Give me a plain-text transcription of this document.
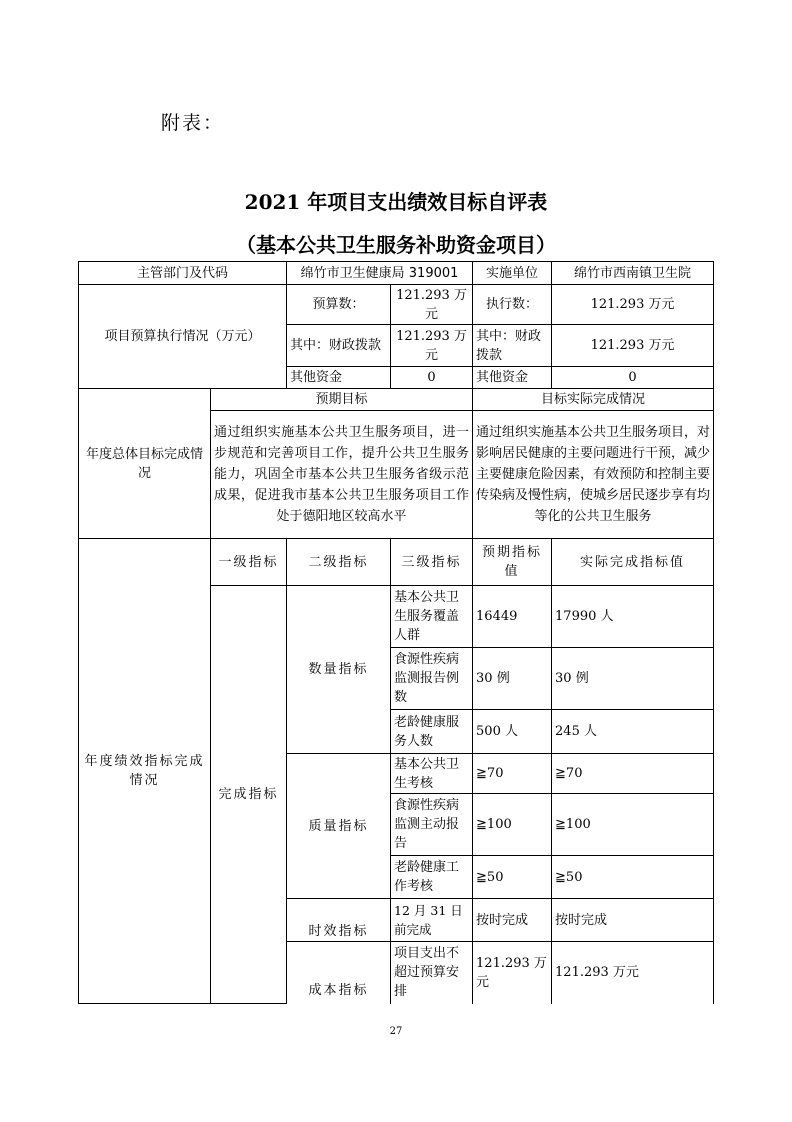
附表：
2021 年项目支出绩效目标自评表
（基本公共卫生服务补助资金项目）
主管部门及代码		绵竹市卫生健康局 319001		实施单位	绵竹市西南镇卫生院
项目预算执行情况（万元）		预算数：	121.293 万元	执行数：	121.293 万元
		其中：财政拨款	121.293 万元	其中：财政拨款	121.293 万元
		其他资金	0	其他资金	0
年度总体目标完成情况	预期目标			目标实际完成情况	
	通过组织实施基本公共卫生服务项目，进一步规范和完善项目工作，提升公共卫生服务能力，巩固全市基本公共卫生服务省级示范成果，促进我市基本公共卫生服务项目工作处于德阳地区较高水平			通过组织实施基本公共卫生服务项目，对影响居民健康的主要问题进行干预，减少主要健康危险因素，有效预防和控制主要传染病及慢性病，使城乡居民逐步享有均等化的公共卫生服务	
年度绩效指标完成情况	一级指标	二级指标	三级指标	预期指标值	实际完成指标值
	完成指标	数量指标	基本公共卫生服务覆盖人群	16449	17990 人
			食源性疾病监测报告例数	30 例	30 例
			老龄健康服务人数	500 人	245 人
		质量指标	基本公共卫生考核	≧70	≧70
			食源性疾病监测主动报告	≧100	≧100
			老龄健康工作考核	≧50	≧50
		时效指标	12 月 31 日前完成	按时完成	按时完成
		成本指标	项目支出不超过预算安排	121.293 万元	121.293 万元
27
